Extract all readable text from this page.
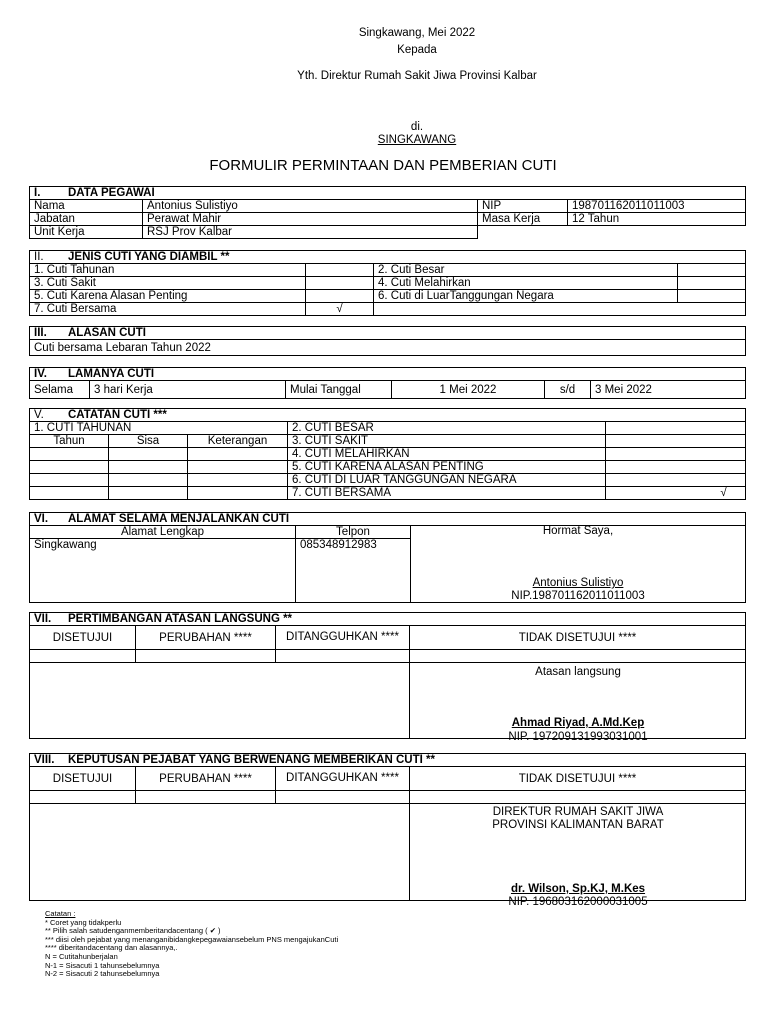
Singkawang, Mei 2022
Kepada
Yth. Direktur Rumah Sakit Jiwa Provinsi Kalbar
di.
SINGKAWANG
FORMULIR PERMINTAAN DAN PEMBERIAN CUTI
I. DATA PEGAWAI			
Nama	Antonius Sulistiyo	NIP	198701162011011003
Jabatan	Perawat Mahir	Masa Kerja	12 Tahun
Unit Kerja	RSJ Prov Kalbar		
II. JENIS CUTI YANG DIAMBIL **			
1. Cuti Tahunan		2. Cuti Besar	
3. Cuti Sakit		4. Cuti Melahirkan	
5. Cuti Karena Alasan Penting		6. Cuti di LuarTanggungan Negara	
7. Cuti Bersama	√		
III. ALASAN CUTI
Cuti bersama Lebaran Tahun 2022
IV. LAMANYA CUTI
Selama	3 hari Kerja	Mulai Tanggal	1 Mei 2022	s/d	3 Mei 2022
V. CATATAN CUTI ***				
1. CUTI TAHUNAN			2. CUTI BESAR	
Tahun	Sisa	Keterangan	3. CUTI SAKIT	
			4. CUTI MELAHIRKAN	
			5. CUTI KARENA ALASAN PENTING	
			6. CUTI DI LUAR TANGGUNGAN NEGARA	
			7. CUTI BERSAMA	√
VI. ALAMAT SELAMA MENJALANKAN CUTI		
Alamat Lengkap	Telpon	
Singkawang	085348912983	
Hormat Saya,
Antonius Sulistiyo
NIP.198701162011011003
VII. PERTIMBANGAN ATASAN LANGSUNG **			
DISETUJUI	PERUBAHAN ****	DITANGGUHKAN ****	TIDAK DISETUJUI ****

Atasan langsung
Ahmad Riyad, A.Md.Kep
NIP. 197209131993031001
VIII. KEPUTUSAN PEJABAT YANG BERWENANG MEMBERIKAN CUTI **			
DISETUJUI	PERUBAHAN ****	DITANGGUHKAN ****	TIDAK DISETUJUI ****

DIREKTUR RUMAH SAKIT JIWA
PROVINSI KALIMANTAN BARAT
dr. Wilson, Sp.KJ, M.Kes
NIP. 196803162000031005
Catatan :
* Coret yang tidakperlu
** Pilih salah satudenganmemberitandacentang ( ✔ )
*** diisi oleh pejabat yang menanganibidangkepegawaiansebelum PNS mengajukanCuti
**** diberitandacentang dan alasannya,.
N = Cutitahunberjalan
N-1 = Sisacuti 1 tahunsebelumnya
N-2 = Sisacuti 2 tahunsebelumnya
